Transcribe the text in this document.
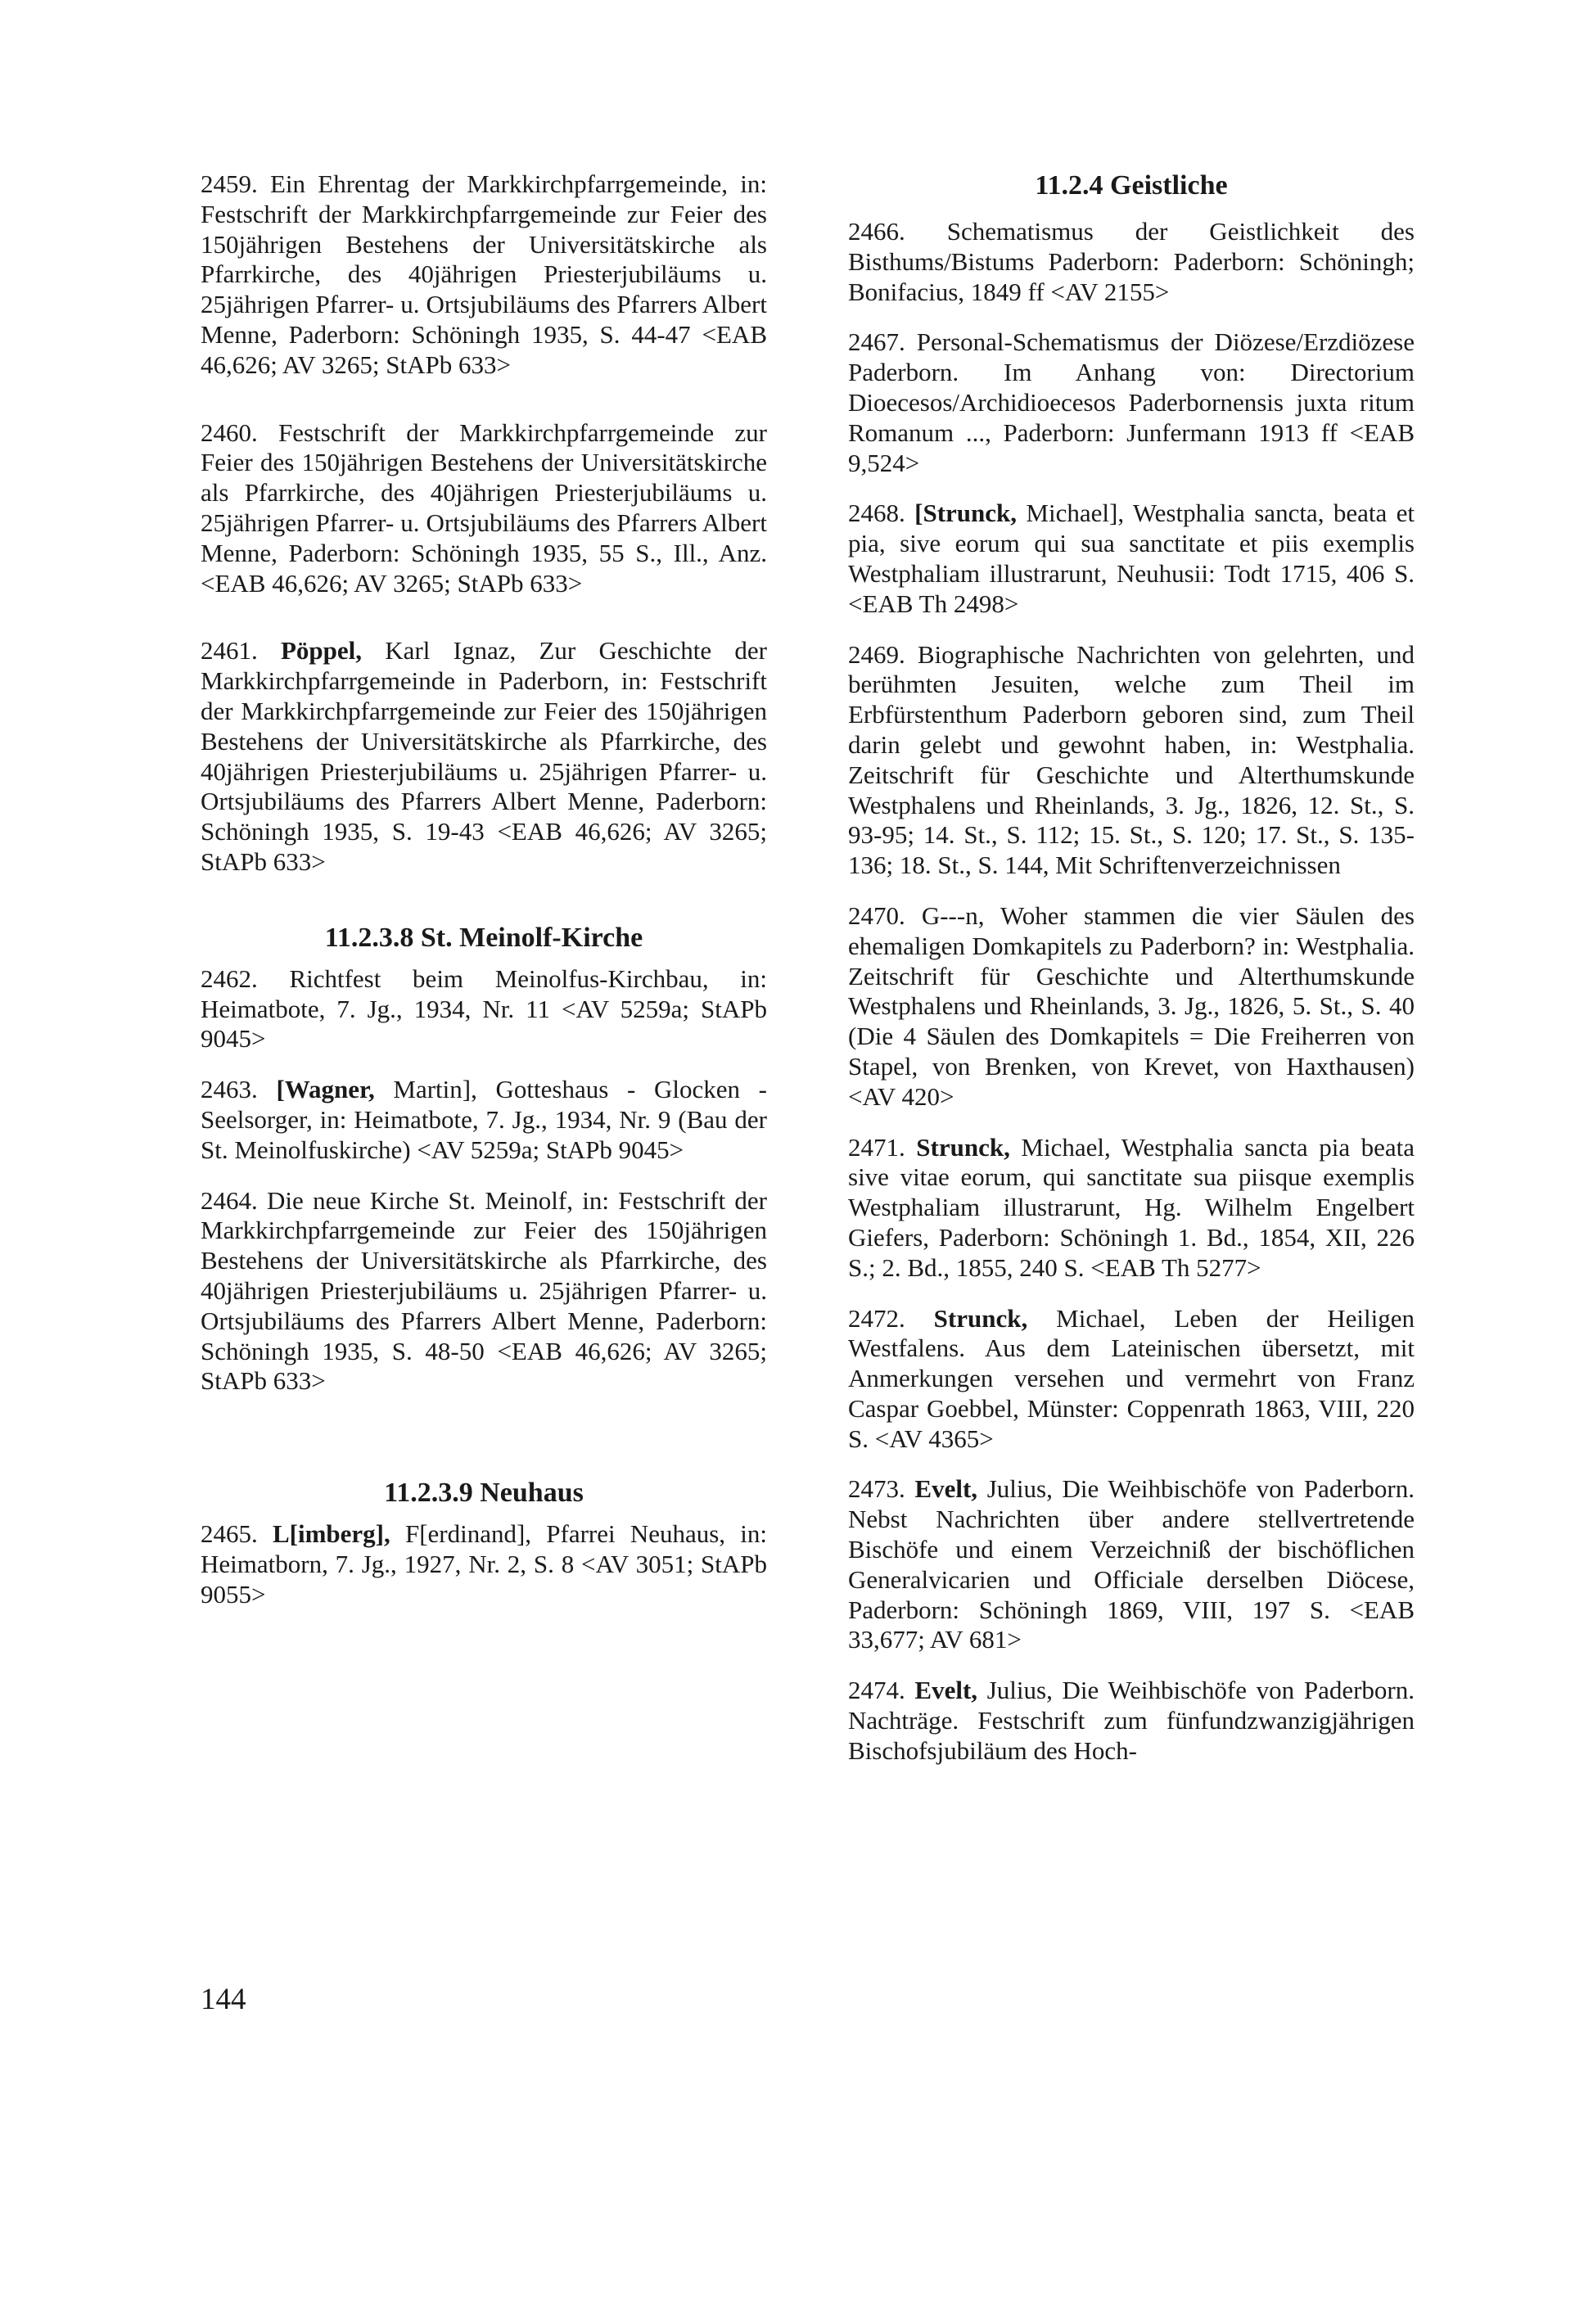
2459. Ein Ehrentag der Markkirchpfarrgemeinde, in: Festschrift der Markkirchpfarrgemeinde zur Feier des 150jährigen Bestehens der Universitätskirche als Pfarrkirche, des 40jährigen Priesterjubiläums u. 25jährigen Pfarrer- u. Ortsjubiläums des Pfarrers Albert Menne, Paderborn: Schöningh 1935, S. 44-47 <EAB 46,626; AV 3265; StAPb 633>

2460. Festschrift der Markkirchpfarrgemeinde zur Feier des 150jährigen Bestehens der Universitätskirche als Pfarrkirche, des 40jährigen Priesterjubiläums u. 25jährigen Pfarrer- u. Ortsjubiläums des Pfarrers Albert Menne, Paderborn: Schöningh 1935, 55 S., Ill., Anz. <EAB 46,626; AV 3265; StAPb 633>

2461. Pöppel, Karl Ignaz, Zur Geschichte der Markkirchpfarrgemeinde in Paderborn, in: Festschrift der Markkirchpfarrgemeinde zur Feier des 150jährigen Bestehens der Universitätskirche als Pfarrkirche, des 40jährigen Priesterjubiläums u. 25jährigen Pfarrer- u. Ortsjubiläums des Pfarrers Albert Menne, Paderborn: Schöningh 1935, S. 19-43 <EAB 46,626; AV 3265; StAPb 633>

11.2.3.8 St. Meinolf-Kirche

2462. Richtfest beim Meinolfus-Kirchbau, in: Heimatbote, 7. Jg., 1934, Nr. 11 <AV 5259a; StAPb 9045>

2463. [Wagner, Martin], Gotteshaus - Glocken - Seelsorger, in: Heimatbote, 7. Jg., 1934, Nr. 9 (Bau der St. Meinolfuskirche) <AV 5259a; StAPb 9045>

2464. Die neue Kirche St. Meinolf, in: Festschrift der Markkirchpfarrgemeinde zur Feier des 150jährigen Bestehens der Universitätskirche als Pfarrkirche, des 40jährigen Priesterjubiläums u. 25jährigen Pfarrer- u. Ortsjubiläums des Pfarrers Albert Menne, Paderborn: Schöningh 1935, S. 48-50 <EAB 46,626; AV 3265; StAPb 633>

11.2.3.9 Neuhaus

2465. L[imberg], F[erdinand], Pfarrei Neuhaus, in: Heimatborn, 7. Jg., 1927, Nr. 2, S. 8 <AV 3051; StAPb 9055>

11.2.4 Geistliche

2466. Schematismus der Geistlichkeit des Bisthums/Bistums Paderborn: Paderborn: Schöningh; Bonifacius, 1849 ff <AV 2155>

2467. Personal-Schematismus der Diözese/Erzdiözese Paderborn. Im Anhang von: Directorium Dioecesos/Archidioecesos Paderbornensis juxta ritum Romanum ..., Paderborn: Junfermann 1913 ff <EAB 9,524>

2468. [Strunck, Michael], Westphalia sancta, beata et pia, sive eorum qui sua sanctitate et piis exemplis Westphaliam illustrarunt, Neuhusii: Todt 1715, 406 S. <EAB Th 2498>

2469. Biographische Nachrichten von gelehrten, und berühmten Jesuiten, welche zum Theil im Erbfürstenthum Paderborn geboren sind, zum Theil darin gelebt und gewohnt haben, in: Westphalia. Zeitschrift für Geschichte und Alterthumskunde Westphalens und Rheinlands, 3. Jg., 1826, 12. St., S. 93-95; 14. St., S. 112; 15. St., S. 120; 17. St., S. 135-136; 18. St., S. 144, Mit Schriftenverzeichnissen

2470. G---n, Woher stammen die vier Säulen des ehemaligen Domkapitels zu Paderborn? in: Westphalia. Zeitschrift für Geschichte und Alterthumskunde Westphalens und Rheinlands, 3. Jg., 1826, 5. St., S. 40 (Die 4 Säulen des Domkapitels = Die Freiherren von Stapel, von Brenken, von Krevet, von Haxthausen) <AV 420>

2471. Strunck, Michael, Westphalia sancta pia beata sive vitae eorum, qui sanctitate sua piisque exemplis Westphaliam illustrarunt, Hg. Wilhelm Engelbert Giefers, Paderborn: Schöningh 1. Bd., 1854, XII, 226 S.; 2. Bd., 1855, 240 S. <EAB Th 5277>

2472. Strunck, Michael, Leben der Heiligen Westfalens. Aus dem Lateinischen übersetzt, mit Anmerkungen versehen und vermehrt von Franz Caspar Goebbel, Münster: Coppenrath 1863, VIII, 220 S. <AV 4365>

2473. Evelt, Julius, Die Weihbischöfe von Paderborn. Nebst Nachrichten über andere stellvertretende Bischöfe und einem Verzeichniß der bischöflichen Generalvicarien und Officiale derselben Diöcese, Paderborn: Schöningh 1869, VIII, 197 S. <EAB 33,677; AV 681>

2474. Evelt, Julius, Die Weihbischöfe von Paderborn. Nachträge. Festschrift zum fünfundzwanzigjährigen Bischofsjubiläum des Hoch-

144
